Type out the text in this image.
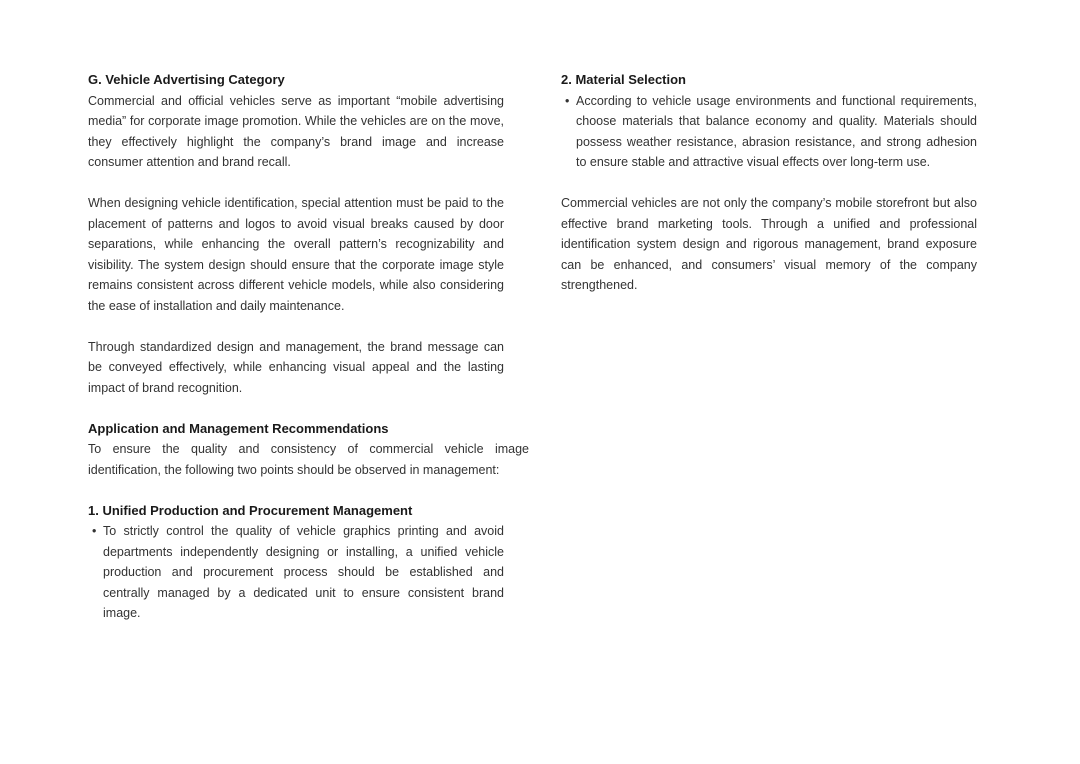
G. Vehicle Advertising Category

Commercial and official vehicles serve as important “mobile advertising media” for corporate image promotion. While the vehicles are on the move, they effectively highlight the company’s brand image and increase consumer attention and brand recall.

When designing vehicle identification, special attention must be paid to the placement of patterns and logos to avoid visual breaks caused by door separations, while enhancing the overall pattern’s recognizability and visibility. The system design should ensure that the corporate image style remains consistent across different vehicle models, while also considering the ease of installation and daily maintenance.

Through standardized design and management, the brand message can be conveyed effectively, while enhancing visual appeal and the lasting impact of brand recognition.

Application and Management Recommendations

To ensure the quality and consistency of commercial vehicle image identification, the following two points should be observed in management:

1. Unified Production and Procurement Management

• To strictly control the quality of vehicle graphics printing and avoid departments independently designing or installing, a unified vehicle production and procurement process should be established and centrally managed by a dedicated unit to ensure consistent brand image.

2. Material Selection

• According to vehicle usage environments and functional requirements, choose materials that balance economy and quality. Materials should possess weather resistance, abrasion resistance, and strong adhesion to ensure stable and attractive visual effects over long-term use.

Commercial vehicles are not only the company’s mobile storefront but also effective brand marketing tools. Through a unified and professional identification system design and rigorous management, brand exposure can be enhanced, and consumers’ visual memory of the company strengthened.
